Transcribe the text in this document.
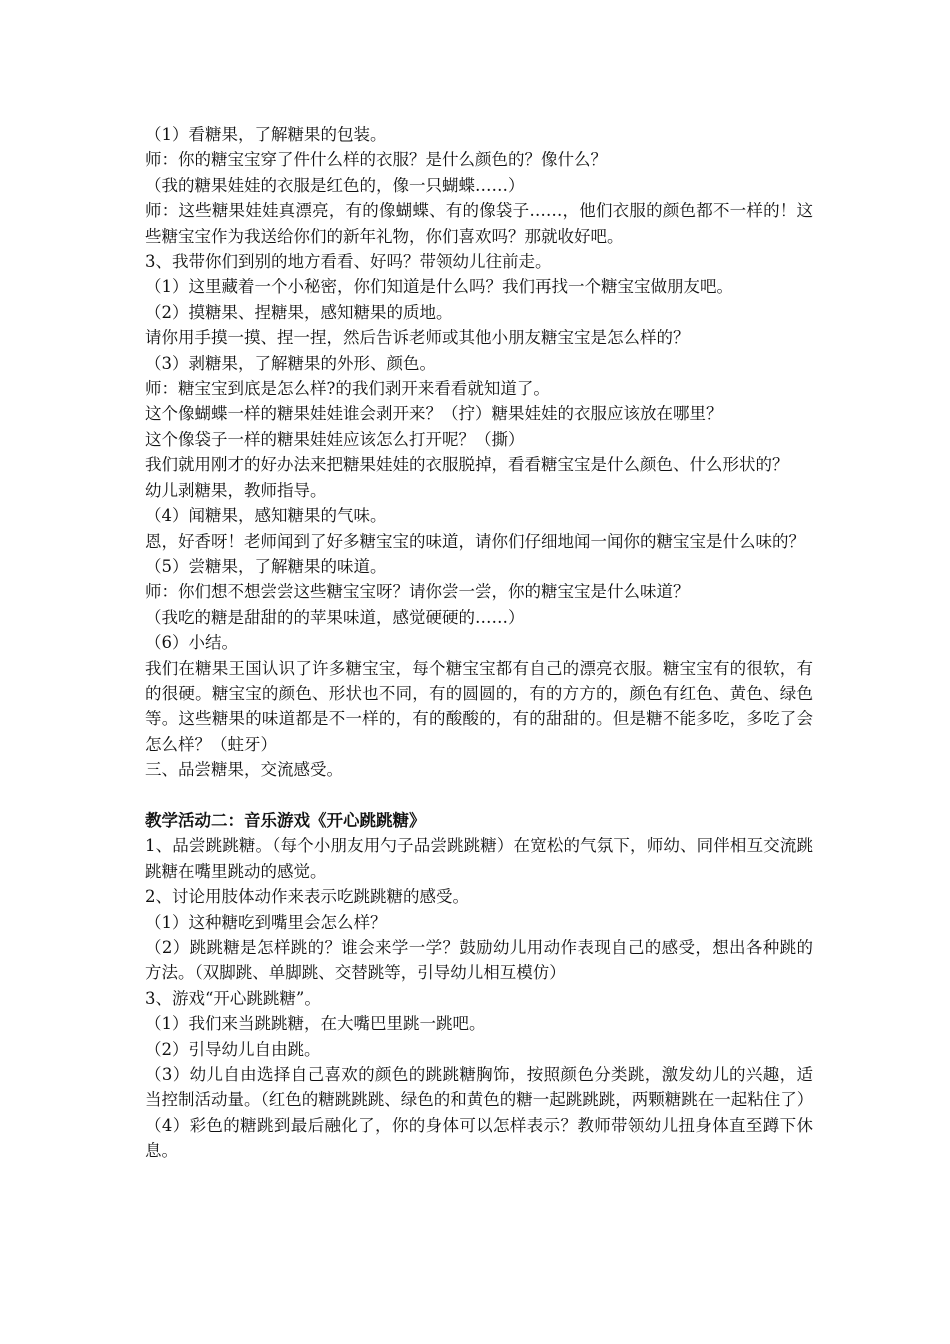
（1）看糖果，了解糖果的包装。

师：你的糖宝宝穿了件什么样的衣服？是什么颜色的？像什么？

（我的糖果娃娃的衣服是红色的，像一只蝴蝶……）

师：这些糖果娃娃真漂亮，有的像蝴蝶、有的像袋子……，他们衣服的颜色都不一样的！这些糖宝宝作为我送给你们的新年礼物，你们喜欢吗？那就收好吧。

3、我带你们到别的地方看看、好吗？带领幼儿往前走。

（1）这里藏着一个小秘密，你们知道是什么吗？我们再找一个糖宝宝做朋友吧。

（2）摸糖果、捏糖果，感知糖果的质地。

请你用手摸一摸、捏一捏，然后告诉老师或其他小朋友糖宝宝是怎么样的？

（3）剥糖果，了解糖果的外形、颜色。

师：糖宝宝到底是怎么样?的我们剥开来看看就知道了。

这个像蝴蝶一样的糖果娃娃谁会剥开来？（拧）糖果娃娃的衣服应该放在哪里？

这个像袋子一样的糖果娃娃应该怎么打开呢？（撕）

我们就用刚才的好办法来把糖果娃娃的衣服脱掉，看看糖宝宝是什么颜色、什么形状的？

幼儿剥糖果，教师指导。

（4）闻糖果，感知糖果的气味。

恩，好香呀！老师闻到了好多糖宝宝的味道，请你们仔细地闻一闻你的糖宝宝是什么味的？

（5）尝糖果，了解糖果的味道。

师：你们想不想尝尝这些糖宝宝呀？请你尝一尝，你的糖宝宝是什么味道？

（我吃的糖是甜甜的的苹果味道，感觉硬硬的……）

（6）小结。

我们在糖果王国认识了许多糖宝宝，每个糖宝宝都有自己的漂亮衣服。糖宝宝有的很软，有的很硬。糖宝宝的颜色、形状也不同，有的圆圆的，有的方方的，颜色有红色、黄色、绿色等。这些糖果的味道都是不一样的，有的酸酸的，有的甜甜的。但是糖不能多吃，多吃了会怎么样？（蛀牙）

三、品尝糖果，交流感受。

教学活动二：音乐游戏《开心跳跳糖》

1、品尝跳跳糖。（每个小朋友用勺子品尝跳跳糖）在宽松的气氛下，师幼、同伴相互交流跳跳糖在嘴里跳动的感觉。

2、讨论用肢体动作来表示吃跳跳糖的感受。

（1）这种糖吃到嘴里会怎么样？

（2）跳跳糖是怎样跳的？谁会来学一学？鼓励幼儿用动作表现自己的感受，想出各种跳的方法。（双脚跳、单脚跳、交替跳等，引导幼儿相互模仿）

3、游戏“开心跳跳糖”。

（1）我们来当跳跳糖，在大嘴巴里跳一跳吧。

（2）引导幼儿自由跳。

（3）幼儿自由选择自己喜欢的颜色的跳跳糖胸饰，按照颜色分类跳，激发幼儿的兴趣，适当控制活动量。（红色的糖跳跳跳、绿色的和黄色的糖一起跳跳跳，两颗糖跳在一起粘住了）

（4）彩色的糖跳到最后融化了，你的身体可以怎样表示？教师带领幼儿扭身体直至蹲下休息。
